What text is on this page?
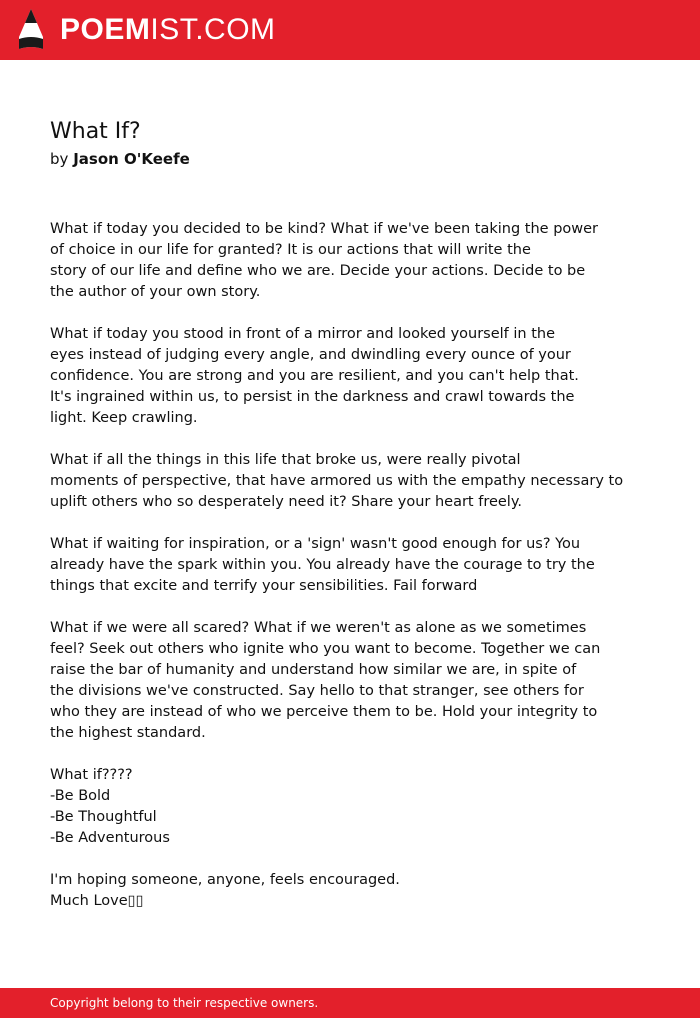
POEMIST.COM
What If?
by Jason O'Keefe
What if today you decided to be kind? What if we've been taking the power
of choice in our life for granted? It is our actions that will write the
story of our life and define who we are. Decide your actions. Decide to be
the author of your own story.
What if today you stood in front of a mirror and looked yourself in the
eyes instead of judging every angle, and dwindling every ounce of your
confidence. You are strong and you are resilient, and you can't help that.
It's ingrained within us, to persist in the darkness and crawl towards the
light. Keep crawling.
What if all the things in this life that broke us, were really pivotal
moments of perspective, that have armored us with the empathy necessary to
uplift others who so desperately need it? Share your heart freely.
What if waiting for inspiration, or a 'sign' wasn't good enough for us? You
already have the spark within you. You already have the courage to try the
things that excite and terrify your sensibilities. Fail forward
What if we were all scared? What if we weren't as alone as we sometimes
feel? Seek out others who ignite who you want to become. Together we can
raise the bar of humanity and understand how similar we are, in spite of
the divisions we've constructed. Say hello to that stranger, see others for
who they are instead of who we perceive them to be. Hold your integrity to
the highest standard.
What if????
-Be Bold
-Be Thoughtful
-Be Adventurous
I'm hoping someone, anyone, feels encouraged.
Much Love▯▯
Copyright belong to their respective owners.
